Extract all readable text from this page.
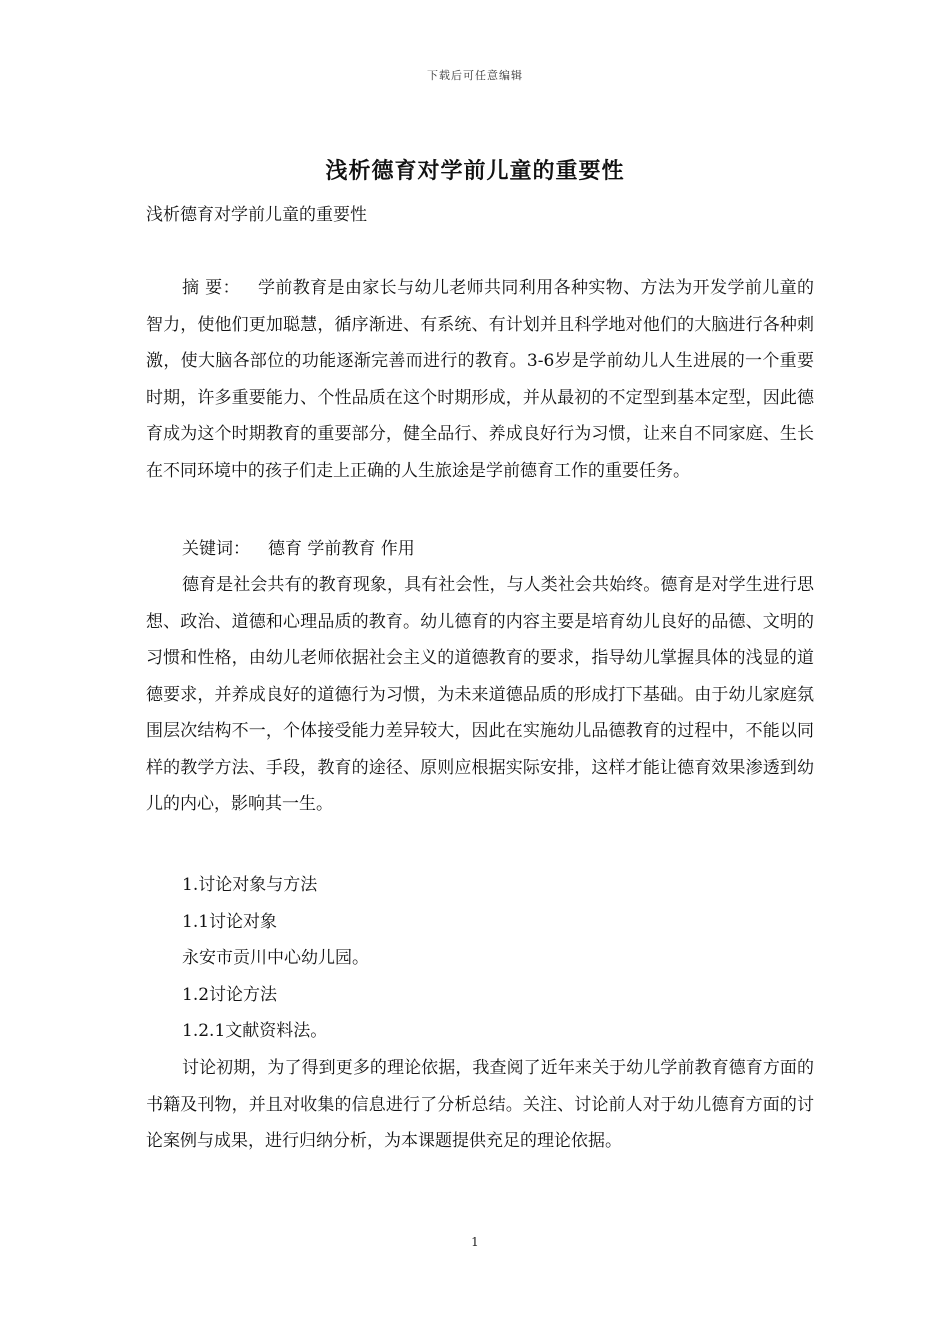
下载后可任意编辑
浅析德育对学前儿童的重要性
浅析德育对学前儿童的重要性
摘 要： 学前教育是由家长与幼儿老师共同利用各种实物、方法为开发学前儿童的智力，使他们更加聪慧，循序渐进、有系统、有计划并且科学地对他们的大脑进行各种刺激，使大脑各部位的功能逐渐完善而进行的教育。3-6岁是学前幼儿人生进展的一个重要时期，许多重要能力、个性品质在这个时期形成，并从最初的不定型到基本定型，因此德育成为这个时期教育的重要部分，健全品行、养成良好行为习惯，让来自不同家庭、生长在不同环境中的孩子们走上正确的人生旅途是学前德育工作的重要任务。
关键词： 德育 学前教育 作用
德育是社会共有的教育现象，具有社会性，与人类社会共始终。德育是对学生进行思想、政治、道德和心理品质的教育。幼儿德育的内容主要是培育幼儿良好的品德、文明的习惯和性格，由幼儿老师依据社会主义的道德教育的要求，指导幼儿掌握具体的浅显的道德要求，并养成良好的道德行为习惯，为未来道德品质的形成打下基础。由于幼儿家庭氛围层次结构不一，个体接受能力差异较大，因此在实施幼儿品德教育的过程中，不能以同样的教学方法、手段，教育的途径、原则应根据实际安排，这样才能让德育效果渗透到幼儿的内心，影响其一生。
1.讨论对象与方法
1.1讨论对象
永安市贡川中心幼儿园。
1.2讨论方法
1.2.1文献资料法。
讨论初期，为了得到更多的理论依据，我查阅了近年来关于幼儿学前教育德育方面的书籍及刊物，并且对收集的信息进行了分析总结。关注、讨论前人对于幼儿德育方面的讨论案例与成果，进行归纳分析，为本课题提供充足的理论依据。
1
